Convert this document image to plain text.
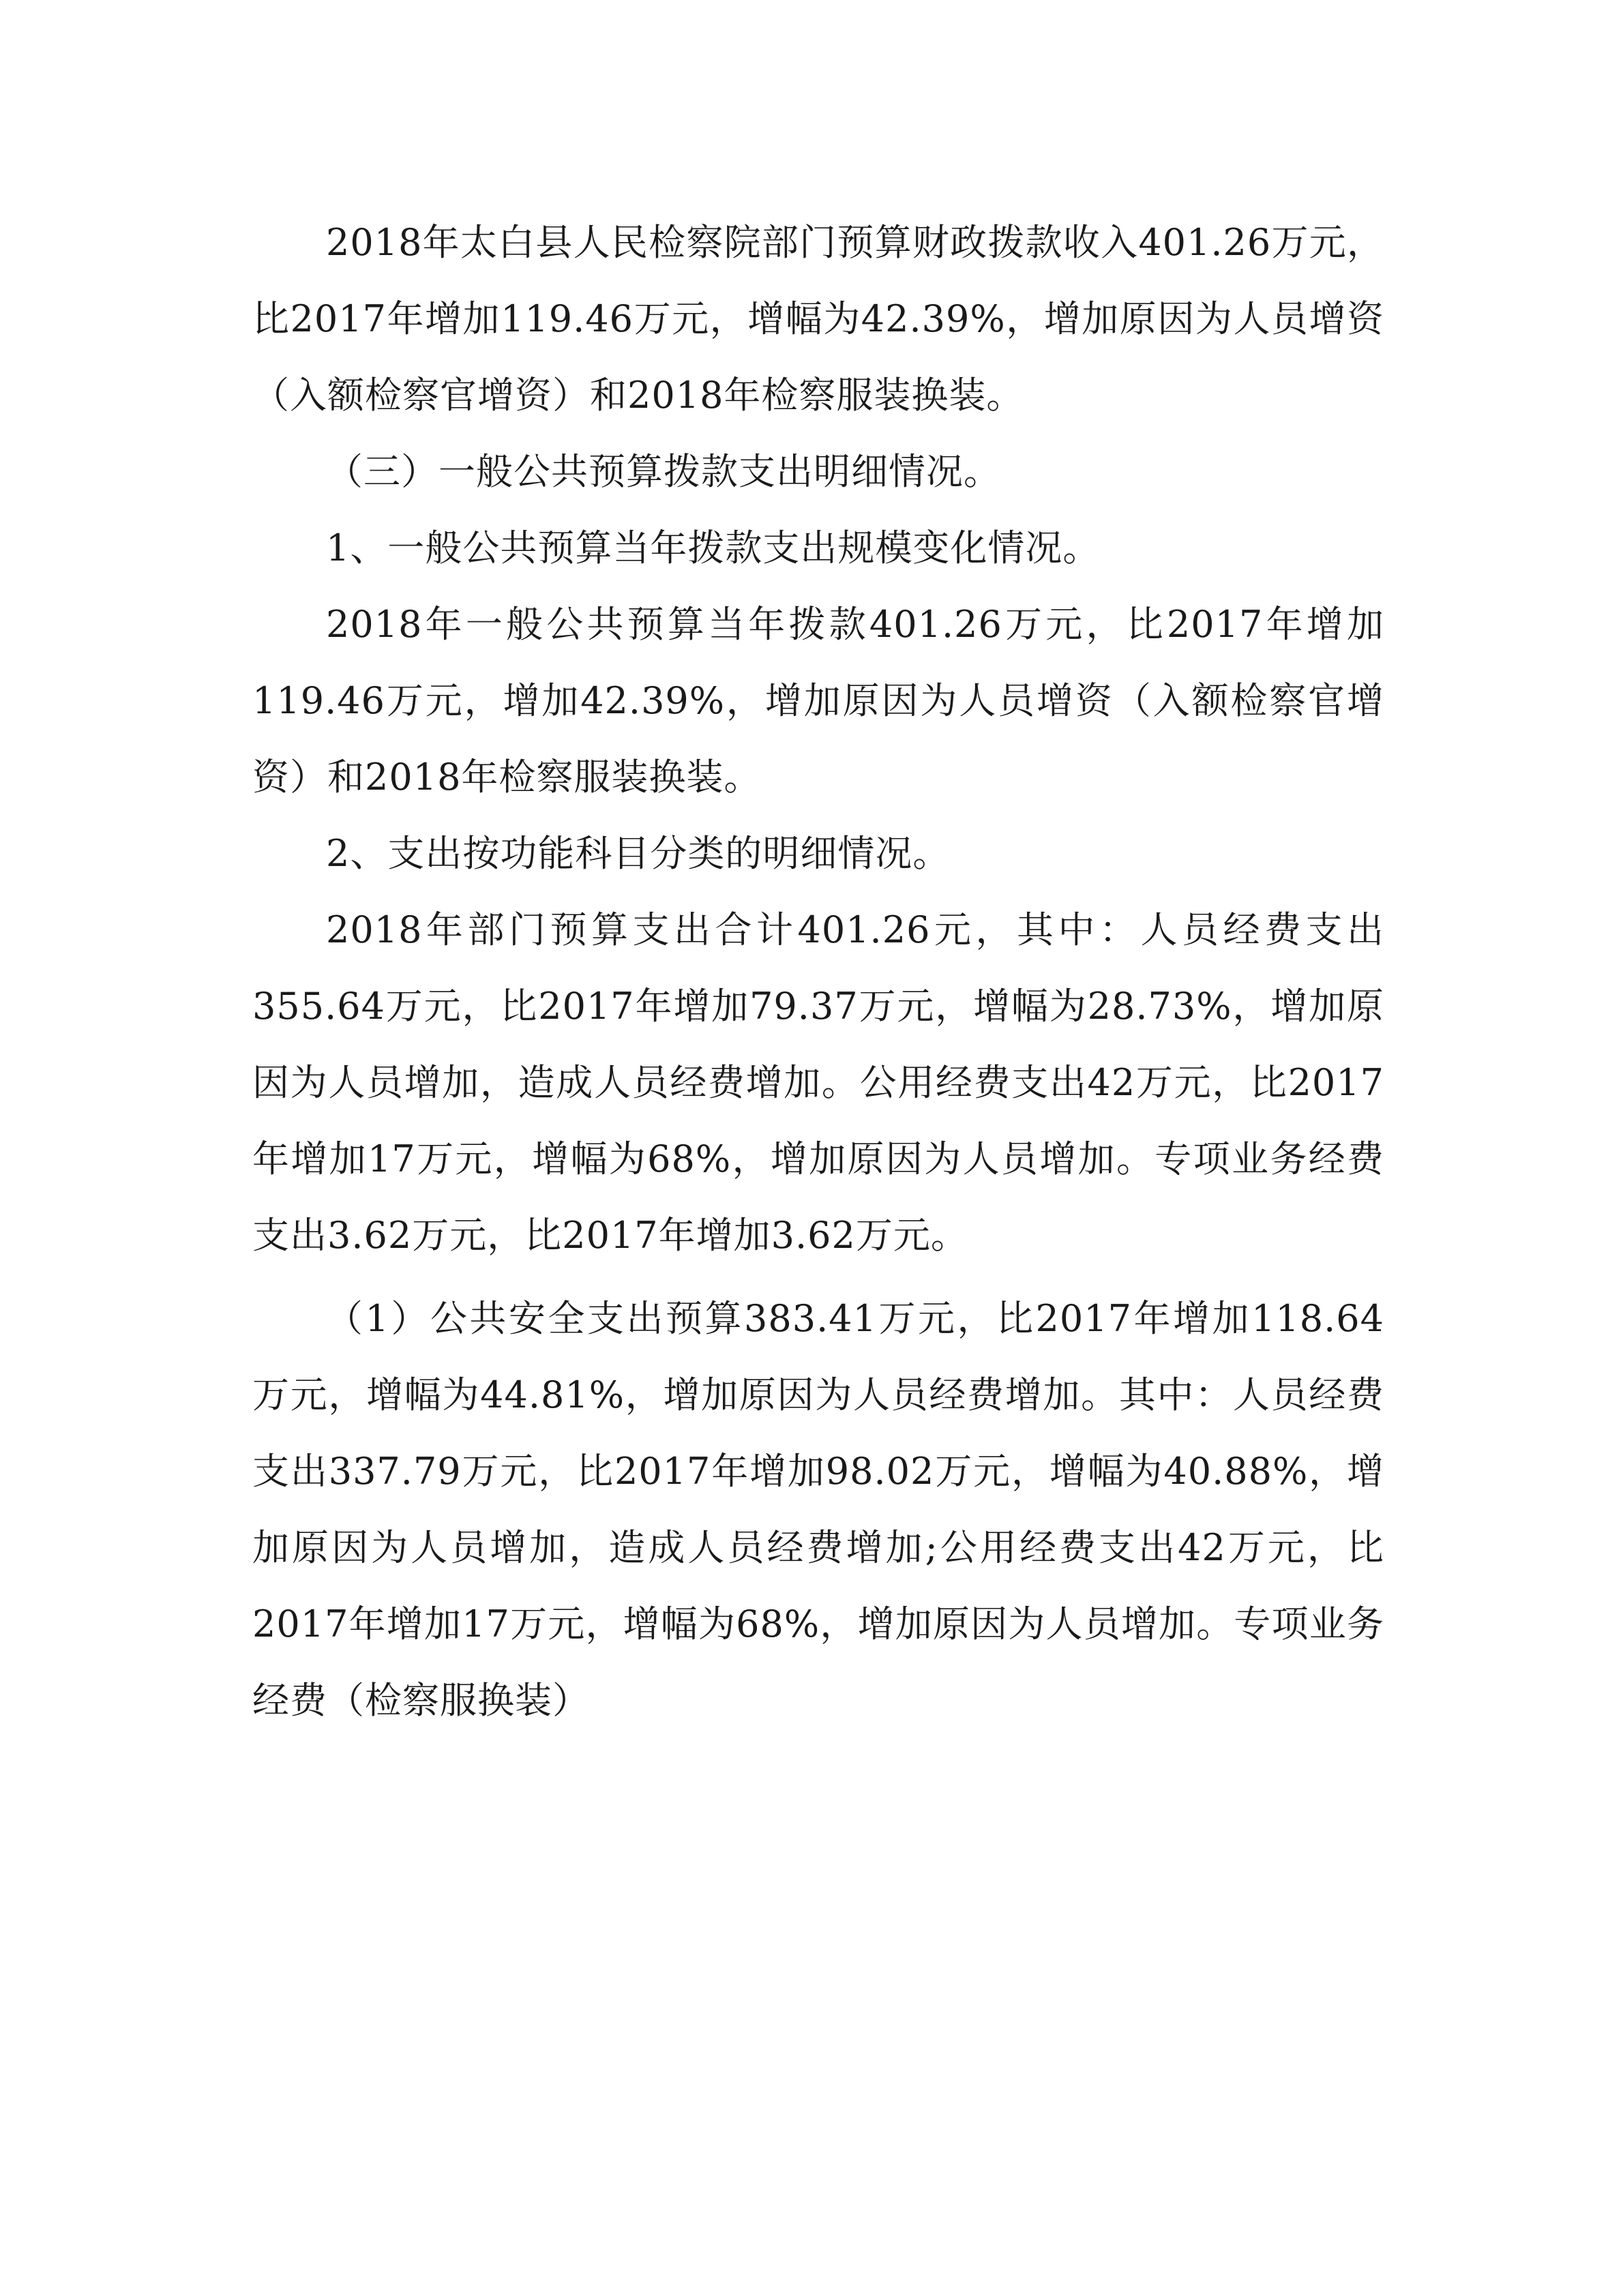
2018年太白县人民检察院部门预算财政拨款收入401.26万元，比2017年增加119.46万元，增幅为42.39%，增加原因为人员增资（入额检察官增资）和2018年检察服装换装。

（三）一般公共预算拨款支出明细情况。

1、一般公共预算当年拨款支出规模变化情况。

2018年一般公共预算当年拨款401.26万元，比2017年增加119.46万元，增加42.39%，增加原因为人员增资（入额检察官增资）和2018年检察服装换装。

2、支出按功能科目分类的明细情况。

2018年部门预算支出合计401.26元，其中：人员经费支出355.64万元，比2017年增加79.37万元，增幅为28.73%，增加原因为人员增加，造成人员经费增加。公用经费支出42万元，比2017年增加17万元，增幅为68%，增加原因为人员增加。专项业务经费支出3.62万元，比2017年增加3.62万元。

（1）公共安全支出预算383.41万元，比2017年增加118.64万元，增幅为44.81%，增加原因为人员经费增加。其中：人员经费支出337.79万元，比2017年增加98.02万元，增幅为40.88%，增加原因为人员增加，造成人员经费增加;公用经费支出42万元，比2017年增加17万元，增幅为68%，增加原因为人员增加。专项业务经费（检察服换装）
